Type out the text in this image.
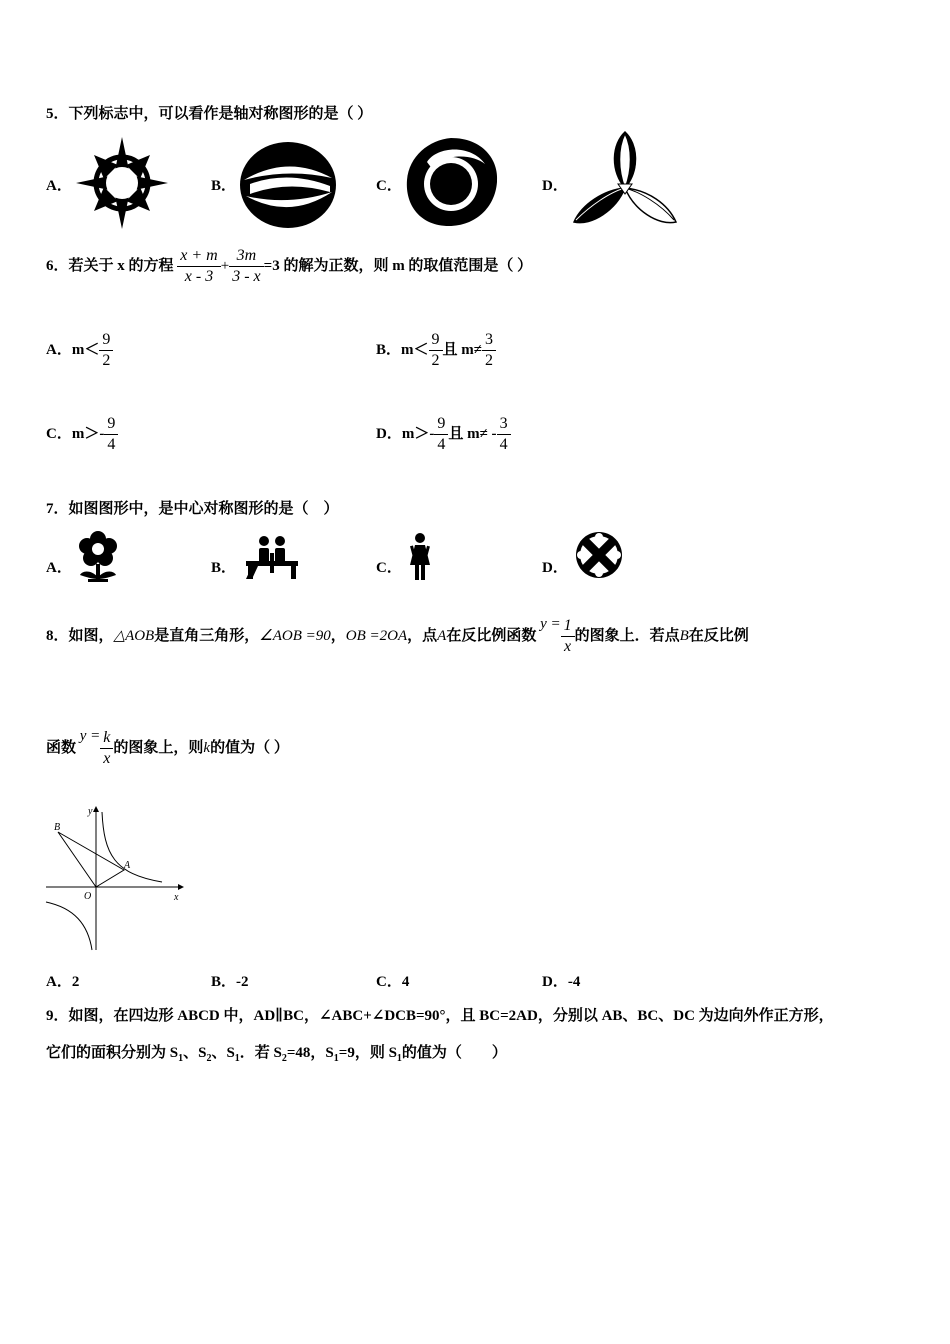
5．下列标志中，可以看作是轴对称图形的是（ ）
A．	B．	C．	D．
6．若关于 x 的方程 $\frac{x + m}{x - 3} + \frac{3m}{3 - x} =3$ 的解为正数，则 m 的取值范围是（ ）
A．$m< \frac{9}{2}$	B．$m< \frac{9}{2}$ 且 $m\ne \frac{3}{2}$
C．$m>- \frac{9}{4}$	D．$m>- \frac{9}{4}$ 且 $m\ne - \frac{3}{4}$
7．如图图形中，是中心对称图形的是（　）
A．	B．	C．	D．
8．如图，△AOB是直角三角形，∠AOB =90，OB =2OA，点A在反比例函数 $y = \frac{1}{x}$ 的图象上．若点B在反比例
函数 $y = \frac{k}{x}$ 的图象上，则k的值为（ ）
y
x
O
A
B
A．2	B．-2	C．4	D．-4
9．如图，在四边形 ABCD 中，AD∥BC，∠ABC+∠DCB=90°，且 BC=2AD，分别以 AB、BC、DC 为边向外作正方形，
它们的面积分别为 $S_1$、$S_2$、$S_1$．若 $S_2=48$，$S_1=9$，则 $S_1$的值为（　　）
